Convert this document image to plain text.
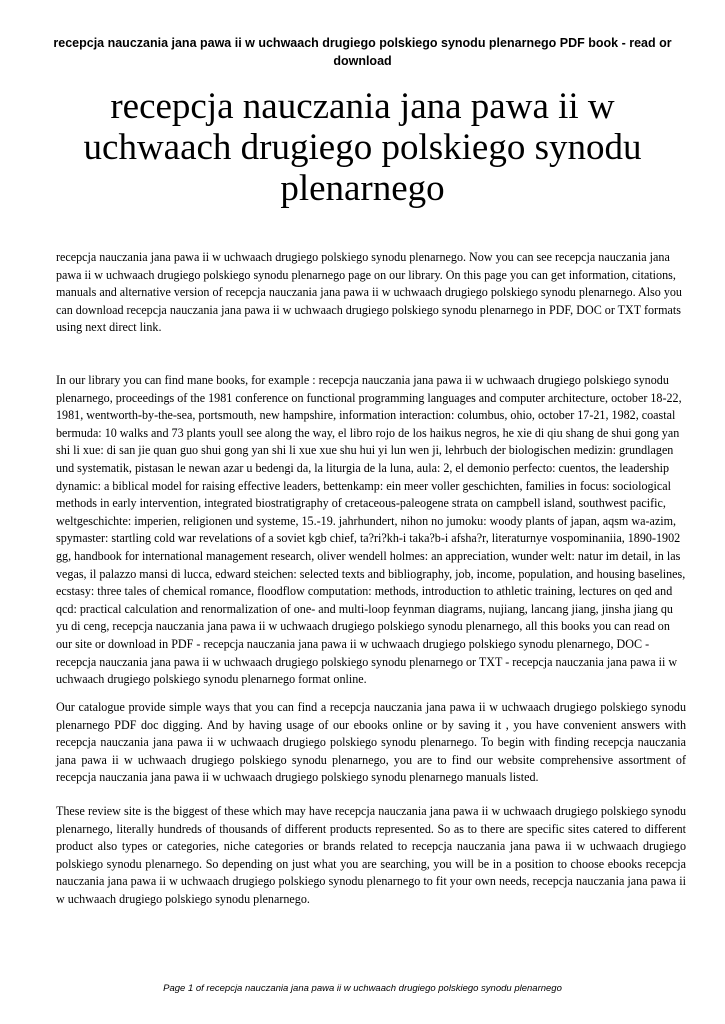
recepcja nauczania jana pawa ii w uchwaach drugiego polskiego synodu plenarnego PDF book - read or download
recepcja nauczania jana pawa ii w uchwaach drugiego polskiego synodu plenarnego

recepcja nauczania jana pawa ii w uchwaach drugiego polskiego synodu plenarnego. Now you can see recepcja nauczania jana pawa ii w uchwaach drugiego polskiego synodu plenarnego page on our library. On this page you can get information, citations, manuals and alternative version of recepcja nauczania jana pawa ii w uchwaach drugiego polskiego synodu plenarnego. Also you can download recepcja nauczania jana pawa ii w uchwaach drugiego polskiego synodu plenarnego in PDF, DOC or TXT formats using next direct link.

In our library you can find mane books, for example : recepcja nauczania jana pawa ii w uchwaach drugiego polskiego synodu plenarnego, proceedings of the 1981 conference on functional programming languages and computer architecture, october 18-22, 1981, wentworth-by-the-sea, portsmouth, new hampshire, information interaction: columbus, ohio, october 17-21, 1982, coastal bermuda: 10 walks and 73 plants youll see along the way, el libro rojo de los haikus negros, he xie di qiu shang de shui gong yan shi li xue: di san jie quan guo shui gong yan shi li xue xue shu hui yi lun wen ji, lehrbuch der biologischen medizin: grundlagen und systematik, pistasan le newan azar u bedengi da, la liturgia de la luna, aula: 2, el demonio perfecto: cuentos, the leadership dynamic: a biblical model for raising effective leaders, bettenkamp: ein meer voller geschichten, families in focus: sociological methods in early intervention, integrated biostratigraphy of cretaceous-paleogene strata on campbell island, southwest pacific, weltgeschichte: imperien, religionen und systeme, 15.-19. jahrhundert, nihon no jumoku: woody plants of japan, aqsm wa-azim, spymaster: startling cold war revelations of a soviet kgb chief, ta?ri?kh-i taka?b-i afsha?r, literaturnye vospominaniia, 1890-1902 gg, handbook for international management research, oliver wendell holmes: an appreciation, wunder welt: natur im detail, in las vegas, il palazzo mansi di lucca, edward steichen: selected texts and bibliography, job, income, population, and housing baselines, ecstasy: three tales of chemical romance, floodflow computation: methods, introduction to athletic training, lectures on qed and qcd: practical calculation and renormalization of one- and multi-loop feynman diagrams, nujiang, lancang jiang, jinsha jiang qu yu di ceng, recepcja nauczania jana pawa ii w uchwaach drugiego polskiego synodu plenarnego, all this books you can read on our site or download in PDF - recepcja nauczania jana pawa ii w uchwaach drugiego polskiego synodu plenarnego, DOC - recepcja nauczania jana pawa ii w uchwaach drugiego polskiego synodu plenarnego or TXT - recepcja nauczania jana pawa ii w uchwaach drugiego polskiego synodu plenarnego format online.

Our catalogue provide simple ways that you can find a recepcja nauczania jana pawa ii w uchwaach drugiego polskiego synodu plenarnego PDF doc digging. And by having usage of our ebooks online or by saving it , you have convenient answers with recepcja nauczania jana pawa ii w uchwaach drugiego polskiego synodu plenarnego. To begin with finding recepcja nauczania jana pawa ii w uchwaach drugiego polskiego synodu plenarnego, you are to find our website comprehensive assortment of recepcja nauczania jana pawa ii w uchwaach drugiego polskiego synodu plenarnego manuals listed.

These review site is the biggest of these which may have recepcja nauczania jana pawa ii w uchwaach drugiego polskiego synodu plenarnego, literally hundreds of thousands of different products represented. So as to there are specific sites catered to different product also types or categories, niche categories or brands related to recepcja nauczania jana pawa ii w uchwaach drugiego polskiego synodu plenarnego. So depending on just what you are searching, you will be in a position to choose ebooks recepcja nauczania jana pawa ii w uchwaach drugiego polskiego synodu plenarnego to fit your own needs, recepcja nauczania jana pawa ii w uchwaach drugiego polskiego synodu plenarnego.

Page 1 of recepcja nauczania jana pawa ii w uchwaach drugiego polskiego synodu plenarnego
